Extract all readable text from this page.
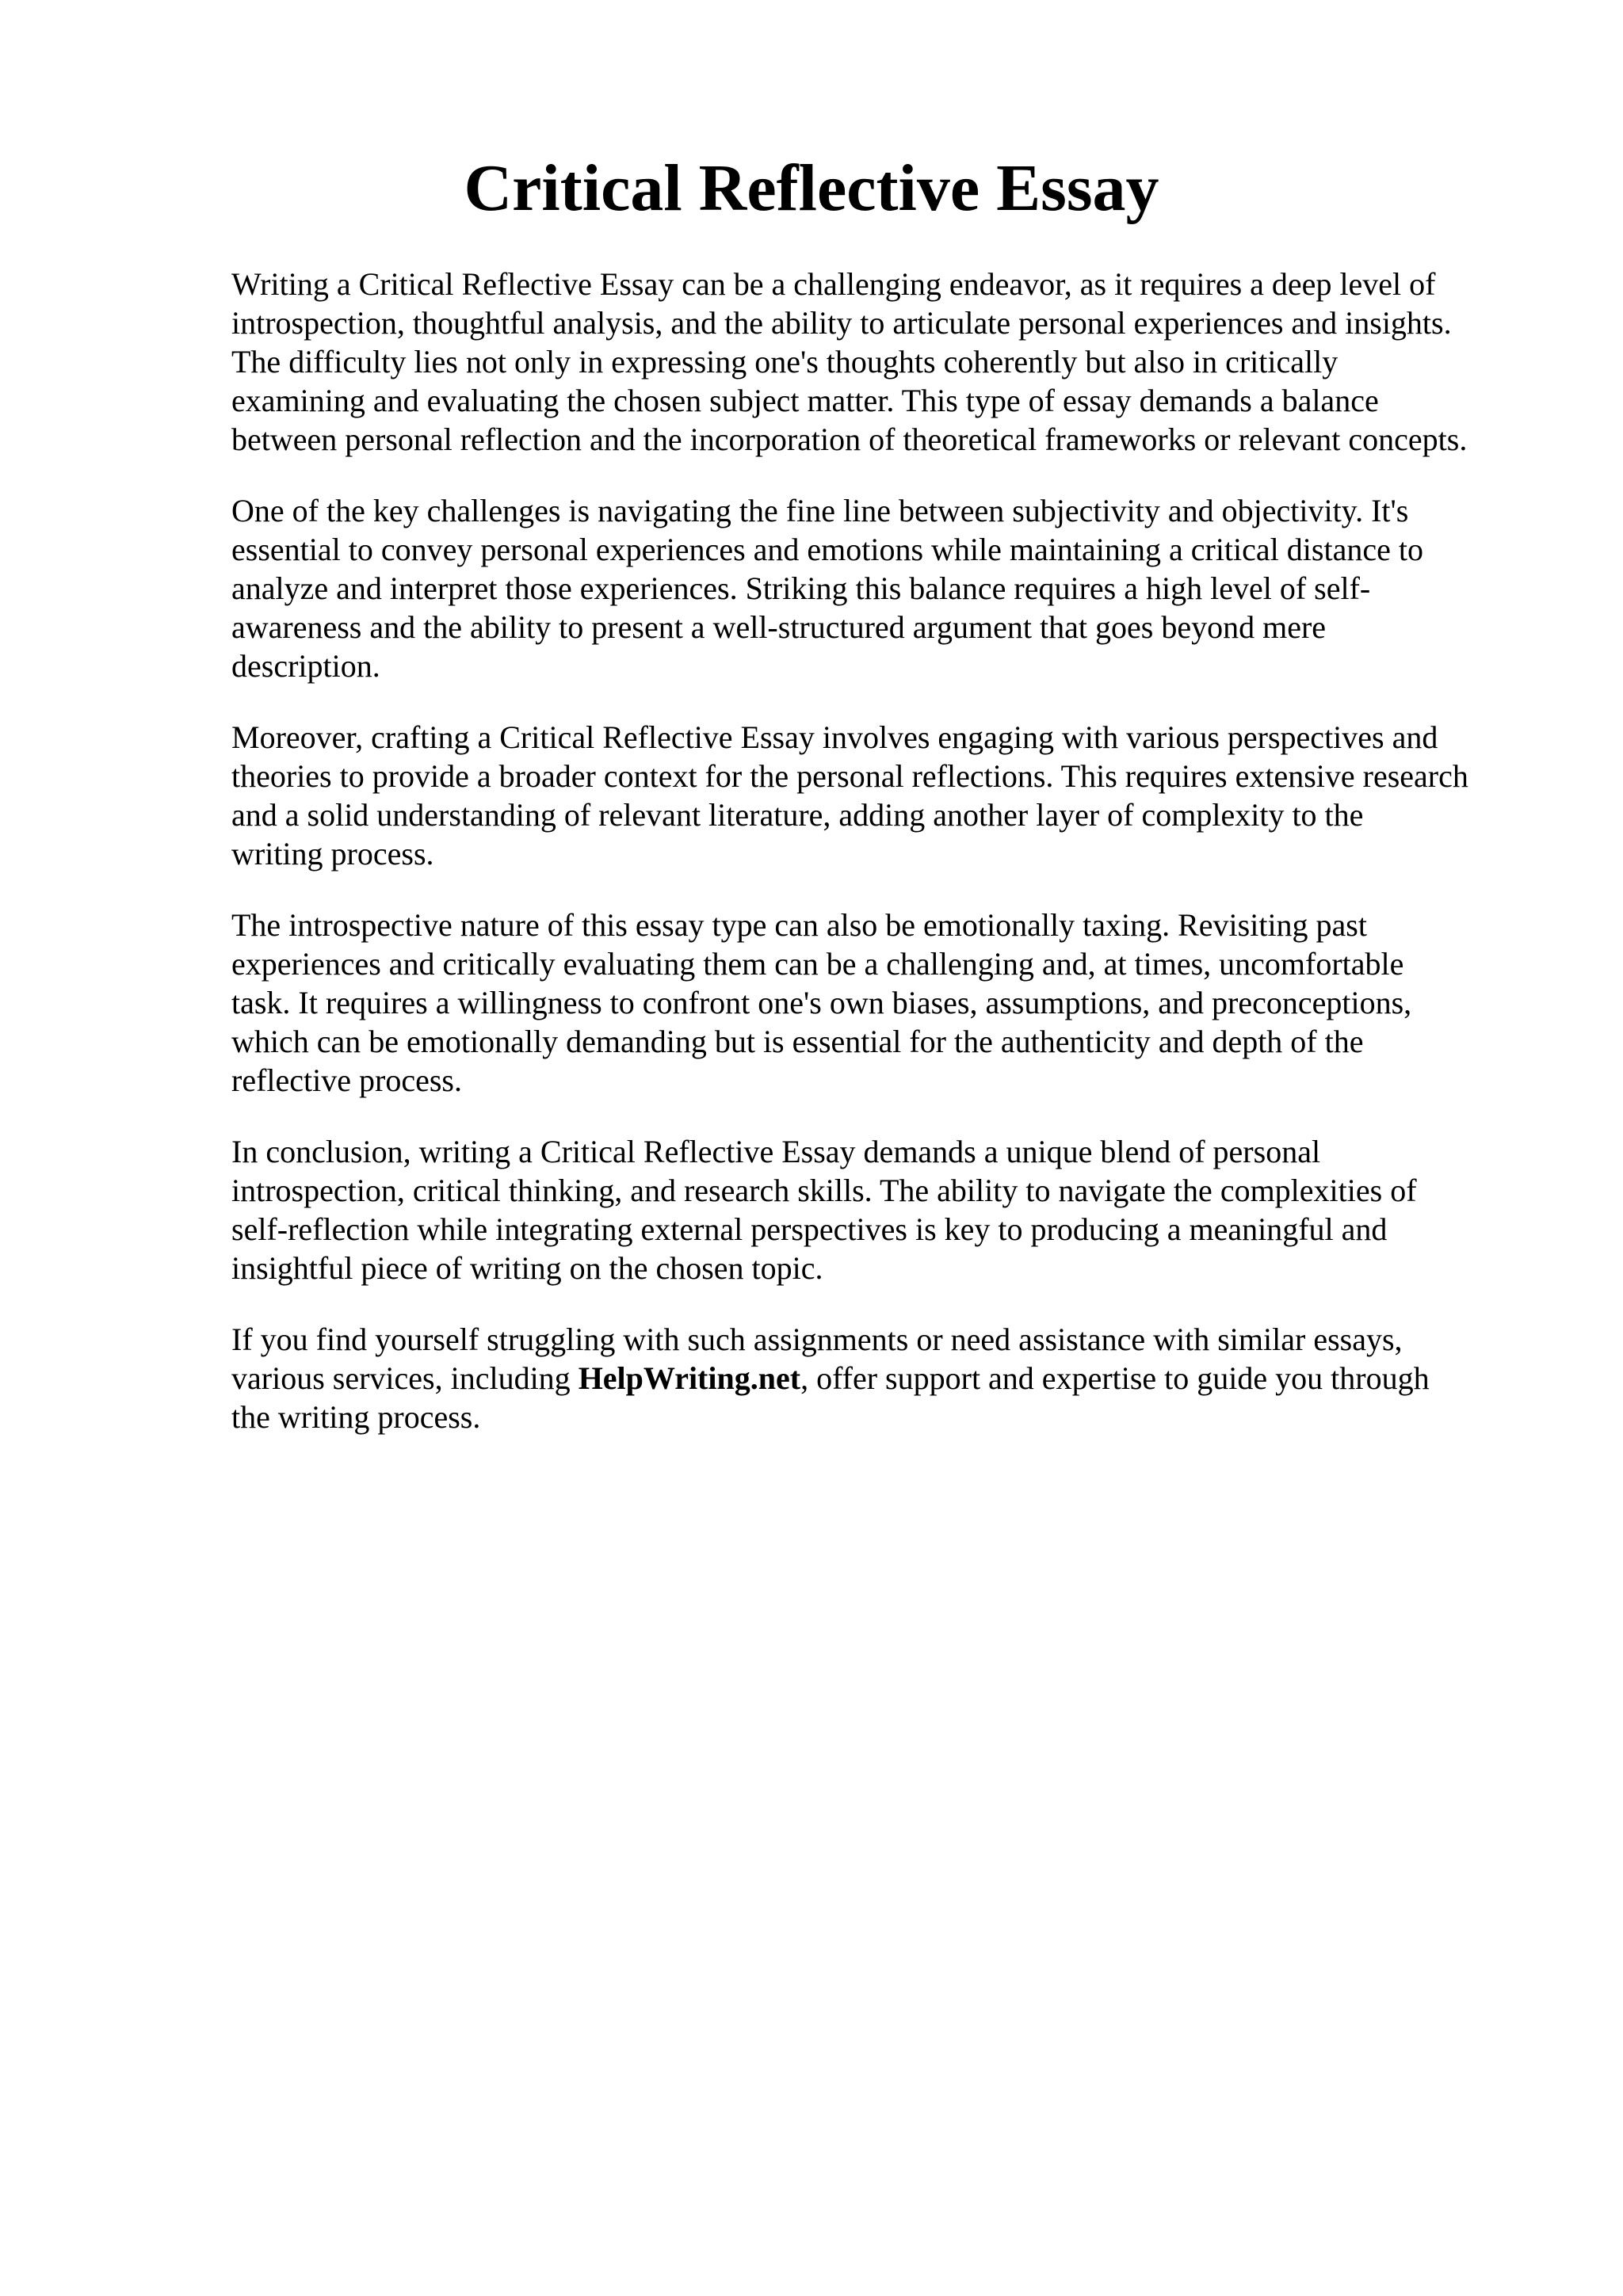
Critical Reflective Essay

Writing a Critical Reflective Essay can be a challenging endeavor, as it requires a deep level of
introspection, thoughtful analysis, and the ability to articulate personal experiences and insights.
The difficulty lies not only in expressing one's thoughts coherently but also in critically
examining and evaluating the chosen subject matter. This type of essay demands a balance
between personal reflection and the incorporation of theoretical frameworks or relevant concepts.

One of the key challenges is navigating the fine line between subjectivity and objectivity. It's
essential to convey personal experiences and emotions while maintaining a critical distance to
analyze and interpret those experiences. Striking this balance requires a high level of self-
awareness and the ability to present a well-structured argument that goes beyond mere
description.

Moreover, crafting a Critical Reflective Essay involves engaging with various perspectives and
theories to provide a broader context for the personal reflections. This requires extensive research
and a solid understanding of relevant literature, adding another layer of complexity to the
writing process.

The introspective nature of this essay type can also be emotionally taxing. Revisiting past
experiences and critically evaluating them can be a challenging and, at times, uncomfortable
task. It requires a willingness to confront one's own biases, assumptions, and preconceptions,
which can be emotionally demanding but is essential for the authenticity and depth of the
reflective process.

In conclusion, writing a Critical Reflective Essay demands a unique blend of personal
introspection, critical thinking, and research skills. The ability to navigate the complexities of
self-reflection while integrating external perspectives is key to producing a meaningful and
insightful piece of writing on the chosen topic.

If you find yourself struggling with such assignments or need assistance with similar essays,
various services, including HelpWriting.net, offer support and expertise to guide you through
the writing process.
